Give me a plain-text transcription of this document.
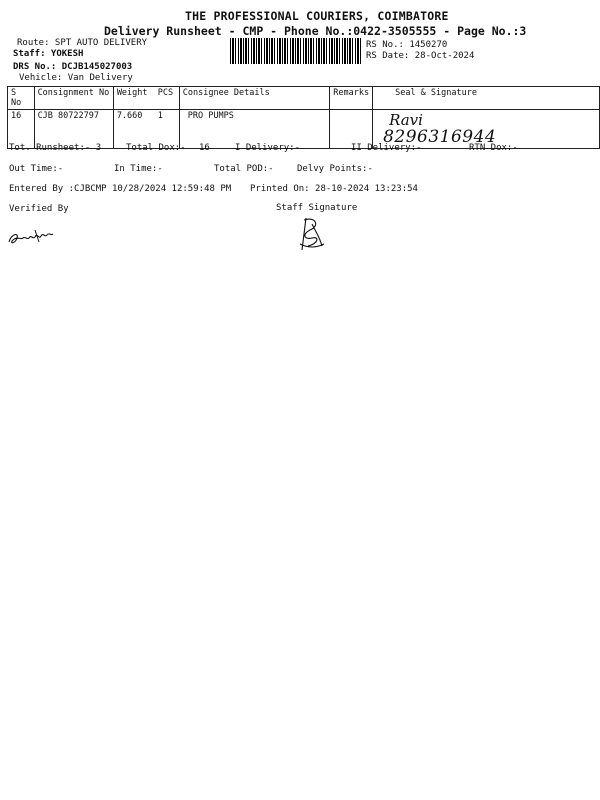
THE PROFESSIONAL COURIERS, COIMBATORE
Delivery Runsheet - CMP - Phone No.:0422-3505555 - Page No.:3
Route: SPT AUTO DELIVERY
Staff: YOKESH
DRS No.: DCJB145027003
Vehicle: Van Delivery
RS No.: 1450270
RS Date: 28-Oct-2024
S No	Consignment No	Weight PCS	Consignee Details	Remarks	Seal & Signature
16	CJB 80722797	7.660 1	PRO PUMPS		Ravi
8296316944
Tot. Runsheet:- 3	Total Dox:- 16	I Delivery:-	II Delivery:-	RTN Dox:-
Out Time:-	In Time:-	Total POD:-	Delvy Points:-
Entered By :CJBCMP 10/28/2024 12:59:48 PM Printed On: 28-10-2024 13:23:54
Verified By	Staff Signature
